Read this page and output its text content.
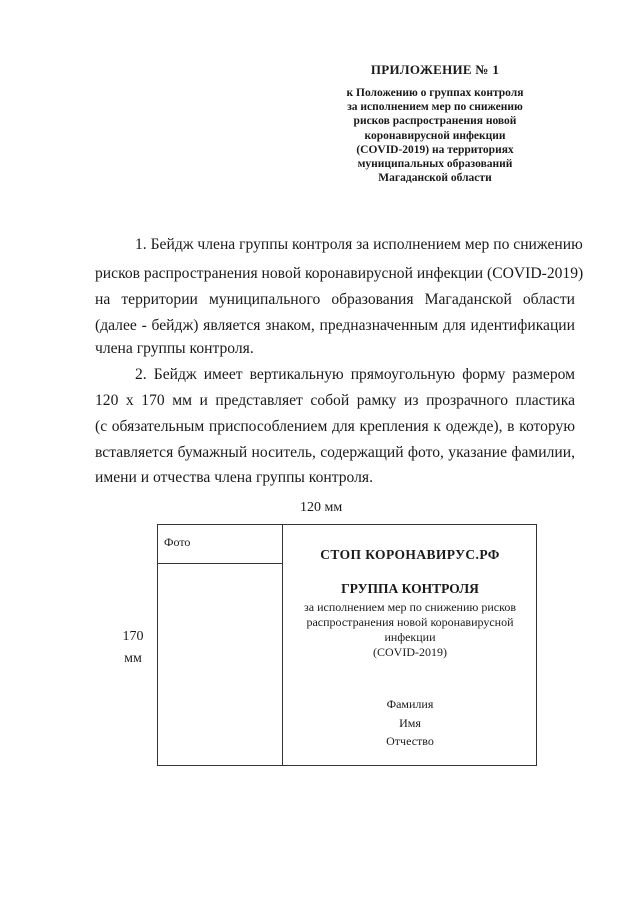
ПРИЛОЖЕНИЕ № 1
к Положению о группах контроля
за исполнением мер по снижению
рисков распространения новой
коронавирусной инфекции
(COVID-2019) на территориях
муниципальных образований
Магаданской области
1. Бейдж члена группы контроля за исполнением мер по снижению
рисков распространения новой коронавирусной инфекции (COVID-2019)
на территории муниципального образования Магаданской области
(далее - бейдж) является знаком, предназначенным для идентификации
члена группы контроля.
2. Бейдж имеет вертикальную прямоугольную форму размером
120 х 170 мм и представляет собой рамку из прозрачного пластика
(с обязательным приспособлением для крепления к одежде), в которую
вставляется бумажный носитель, содержащий фото, указание фамилии,
имени и отчества члена группы контроля.
120 мм
170
мм
Фото
СТОП КОРОНАВИРУС.РФ
ГРУППА КОНТРОЛЯ
за исполнением мер по снижению рисков
распространения новой коронавирусной
инфекции
(COVID-2019)
Фамилия
Имя
Отчество
